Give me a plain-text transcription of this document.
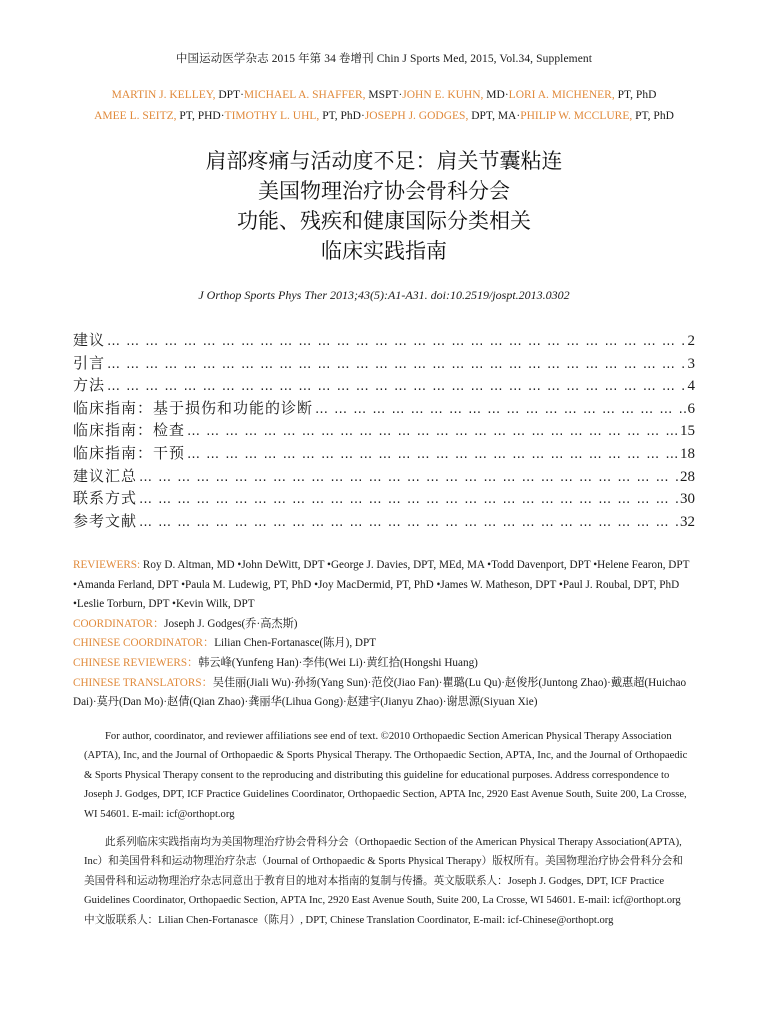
中国运动医学杂志 2015 年第 34 卷增刊 Chin J Sports Med, 2015, Vol.34, Supplement
MARTIN J. KELLEY, DPT·MICHAEL A. SHAFFER, MSPT·JOHN E. KUHN, MD·LORI A. MICHENER, PT, PhD
AMEE L. SEITZ, PT, PHD·TIMOTHY L. UHL, PT, PhD·JOSEPH J. GODGES, DPT, MA·PHILIP W. MCCLURE, PT, PhD
肩部疼痛与活动度不足：肩关节囊粘连
美国物理治疗协会骨科分会
功能、残疾和健康国际分类相关
临床实践指南
J Orthop Sports Phys Ther 2013;43(5):A1-A31. doi:10.2519/jospt.2013.0302
建议 … … … … … … … … … … … … … … … … … … … … … … … … … … … … … … … … … … … … … … … … … … … … … … … … … … … … … … … … … …	2
引言 … … … … … … … … … … … … … … … … … … … … … … … … … … … … … … … … … … … … … … … … … … … … … … … … … … … … … … … … … …	3
方法 … … … … … … … … … … … … … … … … … … … … … … … … … … … … … … … … … … … … … … … … … … … … … … … … … … … … … … … … … …	4
临床指南：基于损伤和功能的诊断 … … … … … … … … … … … … … … … … … … … … … … … … … … … … … … … … … … … … … … … … … … … … … … … … … … … … … … … … … …	6
临床指南：检查 … … … … … … … … … … … … … … … … … … … … … … … … … … … … … … … … … … … … … … … … … … … … … … … … … … … … … … … … … …	15
临床指南：干预 … … … … … … … … … … … … … … … … … … … … … … … … … … … … … … … … … … … … … … … … … … … … … … … … … … … … … … … … … …	18
建议汇总 … … … … … … … … … … … … … … … … … … … … … … … … … … … … … … … … … … … … … … … … … … … … … … … … … … … … … … … … … …	28
联系方式 … … … … … … … … … … … … … … … … … … … … … … … … … … … … … … … … … … … … … … … … … … … … … … … … … … … … … … … … … …	30
参考文献 … … … … … … … … … … … … … … … … … … … … … … … … … … … … … … … … … … … … … … … … … … … … … … … … … … … … … … … … … …	32
REVIEWERS: Roy D. Altman, MD •John DeWitt, DPT •George J. Davies, DPT, MEd, MA •Todd Davenport, DPT •Helene Fearon, DPT •Amanda Ferland, DPT •Paula M. Ludewig, PT, PhD •Joy MacDermid, PT, PhD •James W. Matheson, DPT •Paul J. Roubal, DPT, PhD •Leslie Torburn, DPT •Kevin Wilk, DPT
COORDINATOR：Joseph J. Godges(乔·高杰斯)
CHINESE COORDINATOR：Lilian Chen-Fortanasce(陈月), DPT
CHINESE REVIEWERS：韩云峰(Yunfeng Han)·李伟(Wei Li)·黄红拾(Hongshi Huang)
CHINESE TRANSLATORS：吴佳丽(Jiali Wu)·孙扬(Yang Sun)·范佼(Jiao Fan)·瞿璐(Lu Qu)·赵俊彤(Juntong Zhao)·戴惠超(Huichao Dai)·莫丹(Dan Mo)·赵倩(Qian Zhao)·龚丽华(Lihua Gong)·赵建宇(Jianyu Zhao)·谢思源(Siyuan Xie)
For author, coordinator, and reviewer affiliations see end of text. ©2010 Orthopaedic Section American Physical Therapy Association (APTA), Inc, and the Journal of Orthopaedic & Sports Physical Therapy. The Orthopaedic Section, APTA, Inc, and the Journal of Orthopaedic & Sports Physical Therapy consent to the reproducing and distributing this guideline for educational purposes. Address correspondence to Joseph J. Godges, DPT, ICF Practice Guidelines Coordinator, Orthopaedic Section, APTA Inc, 2920 East Avenue South, Suite 200, La Crosse, WI 54601. E-mail: icf@orthopt.org
此系列临床实践指南均为美国物理治疗协会骨科分会（Orthopaedic Section of the American Physical Therapy Association(APTA), Inc）和美国骨科和运动物理治疗杂志（Journal of Orthopaedic & Sports Physical Therapy）版权所有。美国物理治疗协会骨科分会和美国骨科和运动物理治疗杂志同意出于教育目的地对本指南的复制与传播。英文版联系人：Joseph J. Godges, DPT, ICF Practice Guidelines Coordinator, Orthopaedic Section, APTA Inc, 2920 East Avenue South, Suite 200, La Crosse, WI 54601. E-mail: icf@orthopt.org 中文版联系人：Lilian Chen-Fortanasce（陈月）, DPT, Chinese Translation Coordinator, E-mail: icf-Chinese@orthopt.org
